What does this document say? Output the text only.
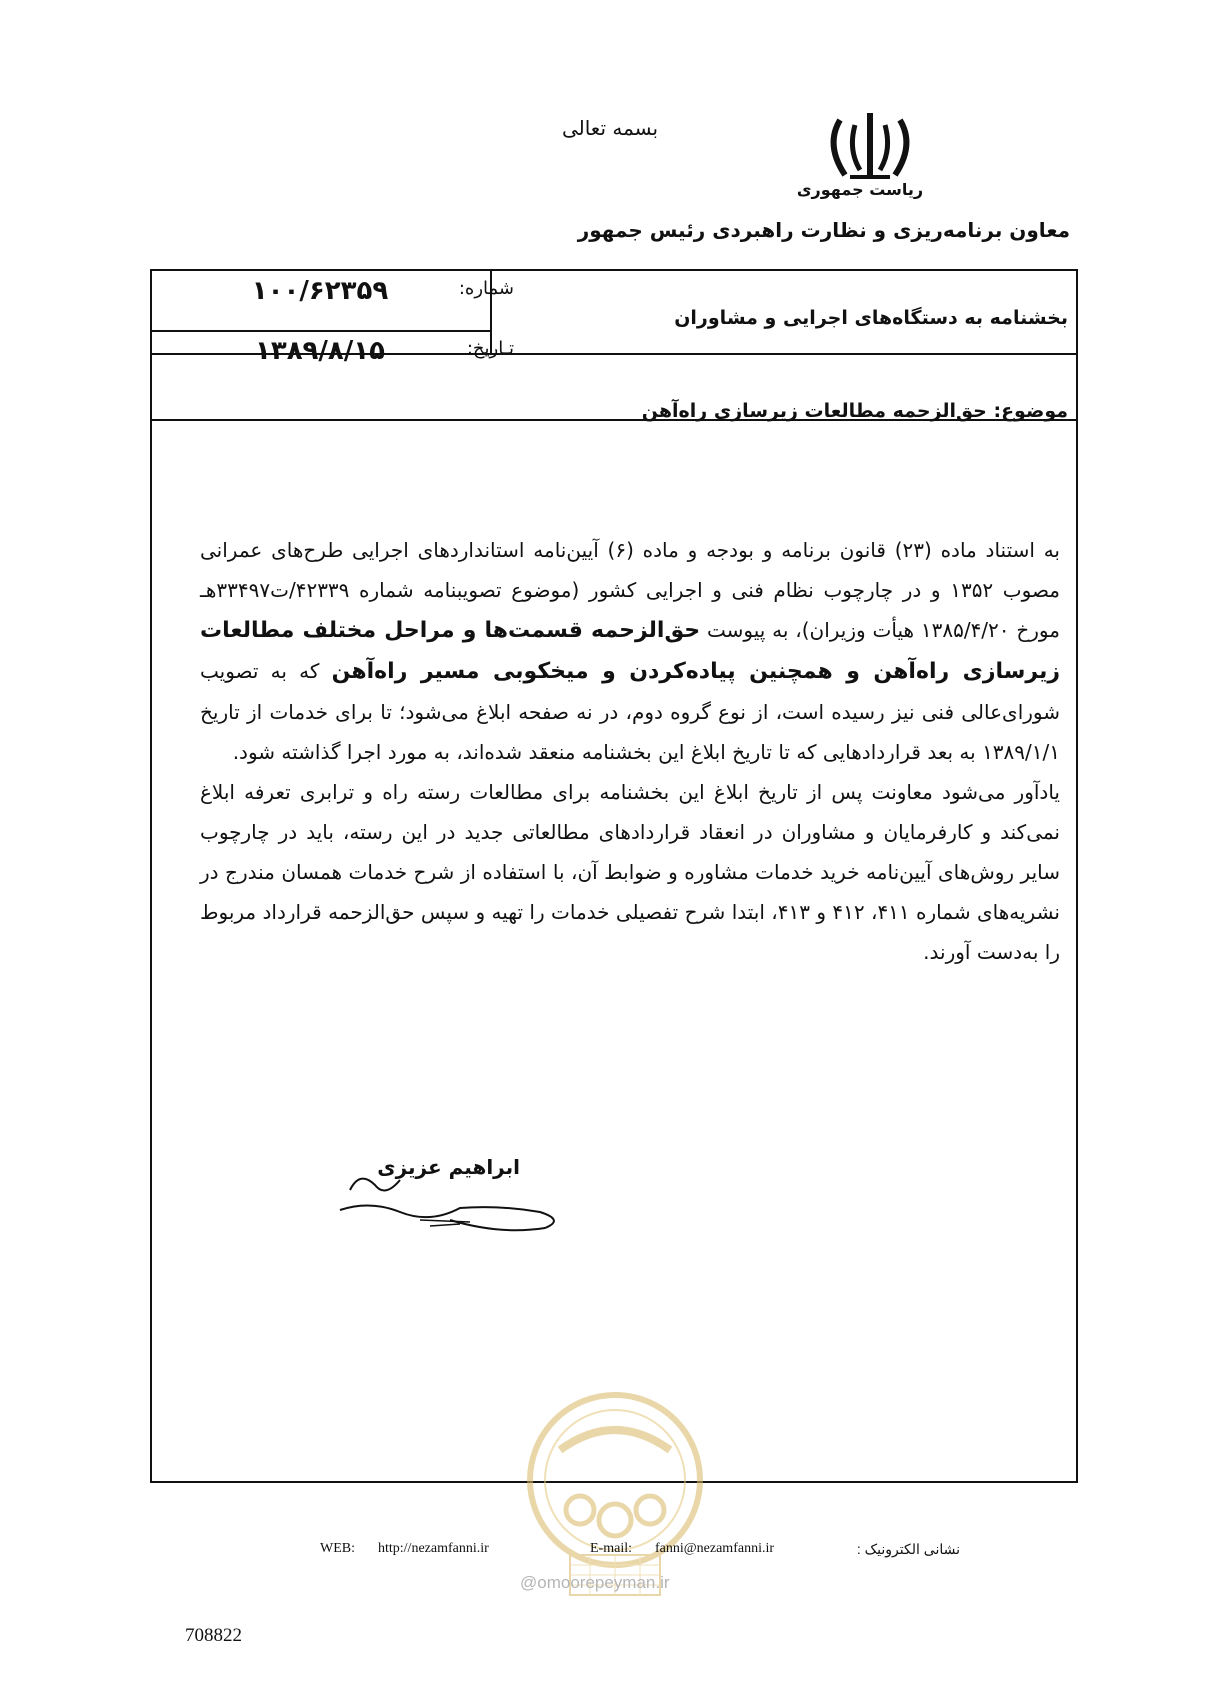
بسمه تعالی
ریاست جمهوری
معاون برنامه‌ریزی و نظارت راهبردی رئیس جمهور
شماره:
۱۰۰/۶۲۳۵۹
تـاریخ:
۱۳۸۹/۸/۱۵
بخشنامه به دستگاه‌های اجرایی و مشاوران
موضوع: حق‌الزحمه مطالعات زیرسازی راه‌آهن

به استناد ماده (۲۳) قانون برنامه و بودجه و ماده (۶) آیین‌نامه استانداردهای اجرایی طرح‌های عمرانی مصوب ۱۳۵۲ و در چارچوب نظام فنی و اجرایی کشور (موضوع تصویبنامه شماره ۴۲۳۳۹/ت۳۳۴۹۷هـ مورخ ۱۳۸۵/۴/۲۰ هیأت وزیران)، به پیوست حق‌الزحمه قسمت‌ها و مراحل مختلف مطالعات زیرسازی راه‌آهن و همچنین پیاده‌کردن و میخکوبی مسیر راه‌آهن که به تصویب شورای‌عالی فنی نیز رسیده است، از نوع گروه دوم، در نه صفحه ابلاغ می‌شود؛ تا برای خدمات از تاریخ ۱۳۸۹/۱/۱ به بعد قراردادهایی که تا تاریخ ابلاغ این بخشنامه منعقد شده‌اند، به مورد اجرا گذاشته شود.

یادآور می‌شود معاونت پس از تاریخ ابلاغ این بخشنامه برای مطالعات رسته راه و ترابری تعرفه ابلاغ نمی‌کند و کارفرمایان و مشاوران در انعقاد قراردادهای مطالعاتی جدید در این رسته، باید در چارچوب سایر روش‌های آیین‌نامه خرید خدمات مشاوره و ضوابط آن، با استفاده از شرح خدمات همسان مندرج در نشریه‌های شماره ۴۱۱، ۴۱۲ و ۴۱۳، ابتدا شرح تفصیلی خدمات را تهیه و سپس حق‌الزحمه قرارداد مربوط را به‌دست آورند.

ابراهیم عزیزی
نشانی الکترونیک :
E-mail:	fanni@nezamfanni.ir
WEB:	http://nezamfanni.ir
@omoorepeyman.ir
708822
